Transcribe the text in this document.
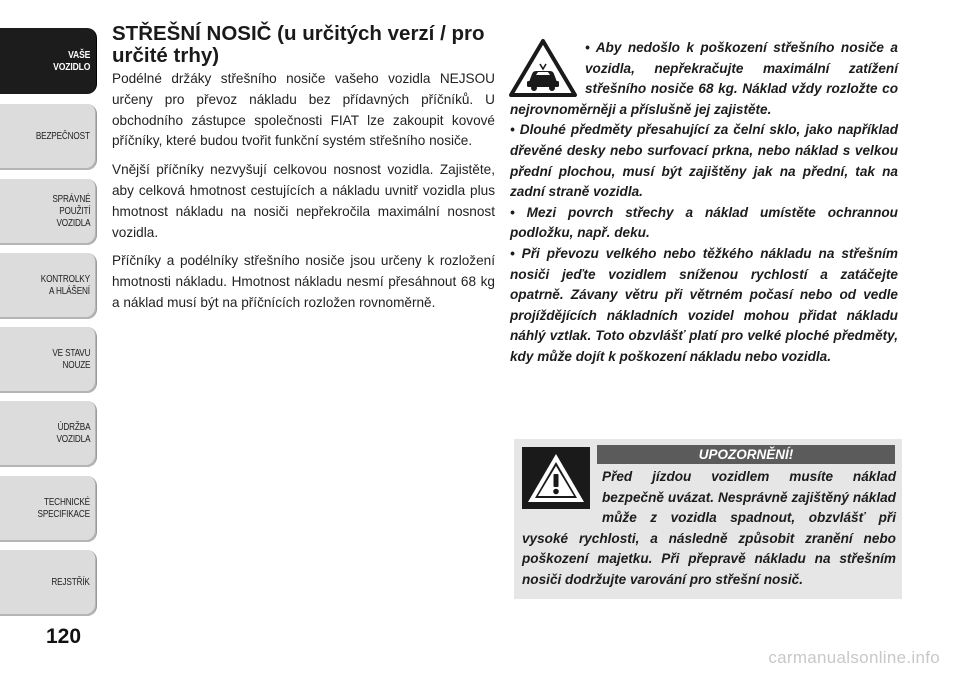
VAŠE
VOZIDLO
BEZPEČNOST
SPRÁVNÉ
POUŽITÍ
VOZIDLA
KONTROLKY
A HLÁŠENÍ
VE STAVU
NOUZE
ÚDRŽBA
VOZIDLA
TECHNICKÉ
SPECIFIKACE
REJSTŘÍK
120
STŘEŠNÍ NOSIČ (u určitých verzí / pro určité trhy)

Podélné držáky střešního nosiče vašeho vozidla NEJSOU určeny pro převoz nákladu bez přídavných příčníků. U obchodního zástupce společnosti FIAT lze zakoupit kovové příčníky, které budou tvořit funkční systém střešního nosiče.

Vnější příčníky nezvyšují celkovou nosnost vozidla. Zajistěte, aby celková hmotnost cestujících a nákladu uvnitř vozidla plus hmotnost nákladu na nosiči nepřekročila maximální nosnost vozidla.

Příčníky a podélníky střešního nosiče jsou určeny k rozložení hmotnosti nákladu. Hmotnost nákladu nesmí přesáhnout 68 kg a náklad musí být na příčnících rozložen rovnoměrně.

• Aby nedošlo k poškození střešního nosiče a vozidla, nepřekračujte maximální zatížení střešního nosiče 68 kg. Náklad vždy rozložte co nejrovnoměrněji a příslušně jej zajistěte.

• Dlouhé předměty přesahující za čelní sklo, jako například dřevěné desky nebo surfovací prkna, nebo náklad s velkou přední plochou, musí být zajištěny jak na přední, tak na zadní straně vozidla.

• Mezi povrch střechy a náklad umístěte ochrannou podložku, např. deku.

• Při převozu velkého nebo těžkého nákladu na střešním nosiči jeďte vozidlem sníženou rychlostí a zatáčejte opatrně. Závany větru při větrném počasí nebo od vedle projíždějících nákladních vozidel mohou přidat nákladu náhlý vztlak. Toto obzvlášť platí pro velké ploché předměty, kdy může dojít k poškození nákladu nebo vozidla.

UPOZORNĚNÍ!

Před jízdou vozidlem musíte náklad bezpečně uvázat. Nesprávně zajištěný náklad může z vozidla spadnout, obzvlášť při vysoké rychlosti, a následně způsobit zranění nebo poškození majetku. Při přepravě nákladu na střešním nosiči dodržujte varování pro střešní nosič.

carmanualsonline.info
